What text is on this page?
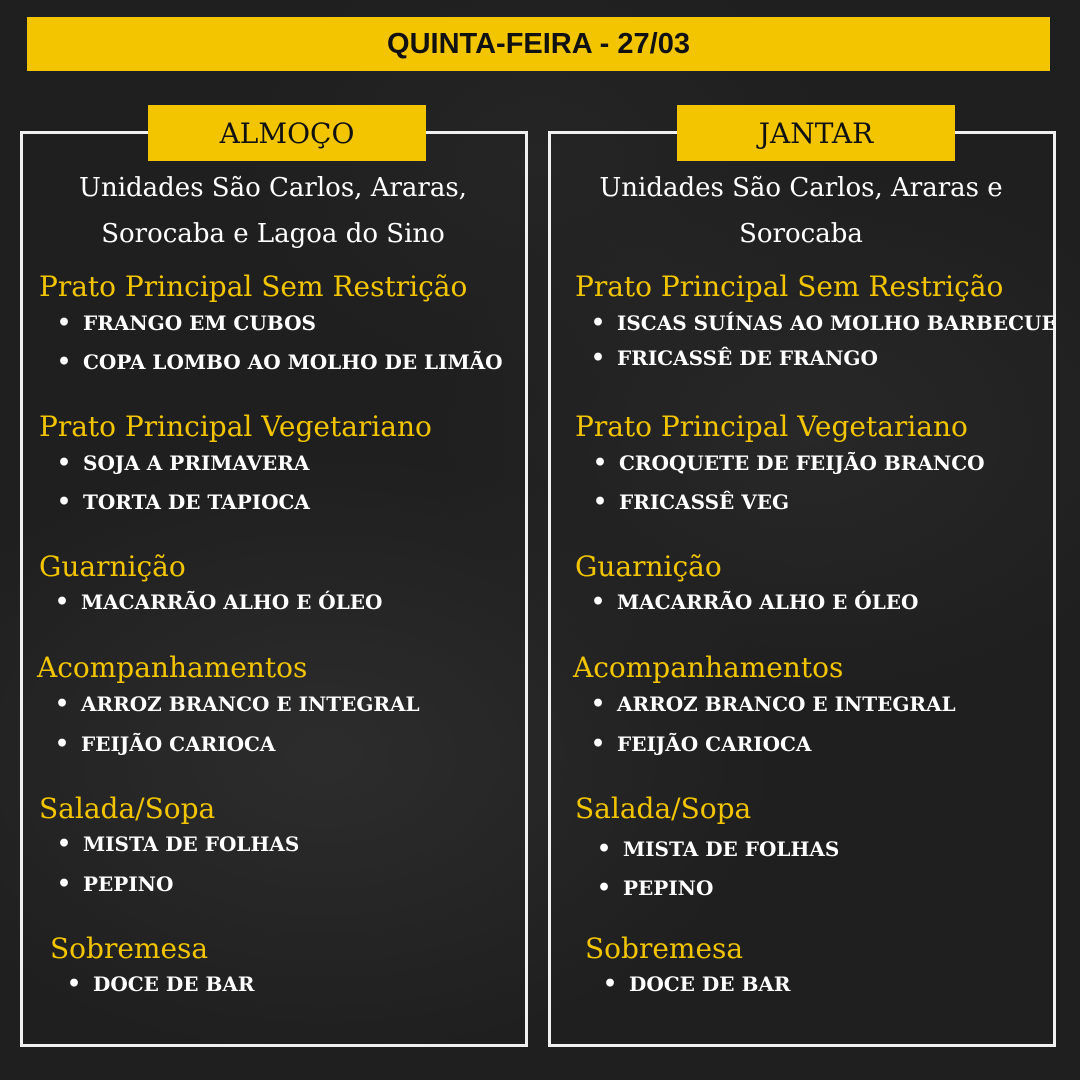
QUINTA-FEIRA - 27/03
ALMOÇO	JANTAR
Unidades São Carlos, Araras,
Sorocaba e Lagoa do Sino
Unidades São Carlos, Araras e
Sorocaba
Prato Principal Sem Restrição
• FRANGO EM CUBOS
• COPA LOMBO AO MOLHO DE LIMÃO
Prato Principal Vegetariano
• SOJA A PRIMAVERA
• TORTA DE TAPIOCA
Guarnição
• MACARRÃO ALHO E ÓLEO
Acompanhamentos
• ARROZ BRANCO E INTEGRAL
• FEIJÃO CARIOCA
Salada/Sopa
• MISTA DE FOLHAS
• PEPINO
Sobremesa
• DOCE DE BAR
Prato Principal Sem Restrição
• ISCAS SUÍNAS AO MOLHO BARBECUE
• FRICASSÊ DE FRANGO
Prato Principal Vegetariano
• CROQUETE DE FEIJÃO BRANCO
• FRICASSÊ VEG
Guarnição
• MACARRÃO ALHO E ÓLEO
Acompanhamentos
• ARROZ BRANCO E INTEGRAL
• FEIJÃO CARIOCA
Salada/Sopa
• MISTA DE FOLHAS
• PEPINO
Sobremesa
• DOCE DE BAR
